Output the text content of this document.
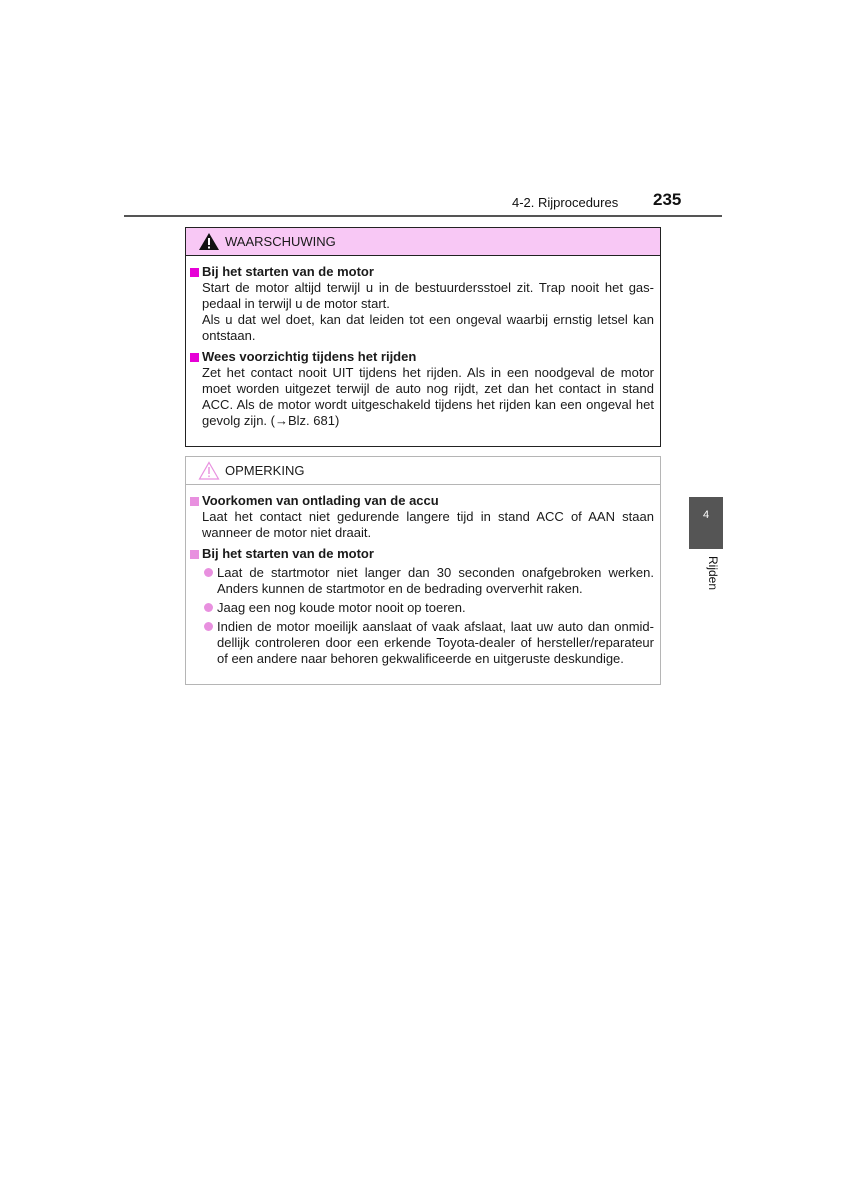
4-2. Rijprocedures 235
WAARSCHUWING
Bij het starten van de motor
Start de motor altijd terwijl u in de bestuurdersstoel zit. Trap nooit het gaspedaal in terwijl u de motor start.
Als u dat wel doet, kan dat leiden tot een ongeval waarbij ernstig letsel kan ontstaan.
Wees voorzichtig tijdens het rijden
Zet het contact nooit UIT tijdens het rijden. Als in een noodgeval de motor moet worden uitgezet terwijl de auto nog rijdt, zet dan het contact in stand ACC. Als de motor wordt uitgeschakeld tijdens het rijden kan een ongeval het gevolg zijn. (→Blz. 681)
OPMERKING
Voorkomen van ontlading van de accu
Laat het contact niet gedurende langere tijd in stand ACC of AAN staan wanneer de motor niet draait.
Bij het starten van de motor
Laat de startmotor niet langer dan 30 seconden onafgebroken werken. Anders kunnen de startmotor en de bedrading oververhit raken.
Jaag een nog koude motor nooit op toeren.
Indien de motor moeilijk aanslaat of vaak afslaat, laat uw auto dan onmiddellijk controleren door een erkende Toyota-dealer of hersteller/reparateur of een andere naar behoren gekwalificeerde en uitgeruste deskundige.
4
Rijden
